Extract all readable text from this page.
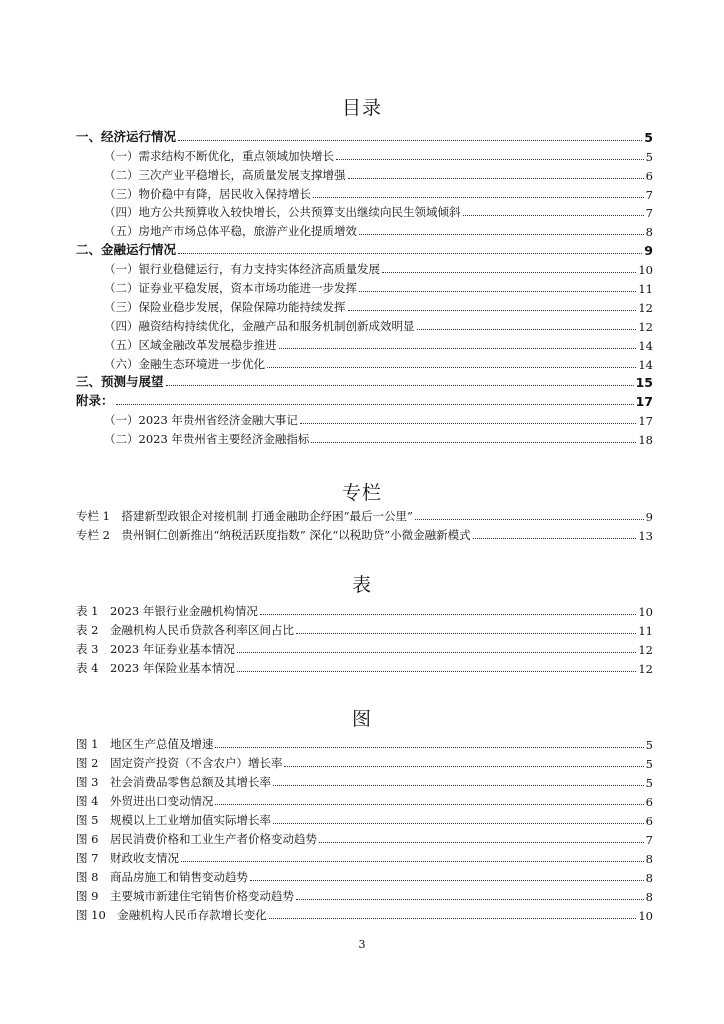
目录
一、经济运行情况	5
（一）需求结构不断优化，重点领域加快增长	5
（二）三次产业平稳增长，高质量发展支撑增强	6
（三）物价稳中有降，居民收入保持增长	7
（四）地方公共预算收入较快增长，公共预算支出继续向民生领域倾斜	7
（五）房地产市场总体平稳，旅游产业化提质增效	8
二、金融运行情况	9
（一）银行业稳健运行，有力支持实体经济高质量发展	10
（二）证券业平稳发展，资本市场功能进一步发挥	11
（三）保险业稳步发展，保险保障功能持续发挥	12
（四）融资结构持续优化，金融产品和服务机制创新成效明显	12
（五）区域金融改革发展稳步推进	14
（六）金融生态环境进一步优化	14
三、预测与展望	15
附录：	17
（一）2023 年贵州省经济金融大事记	17
（二）2023 年贵州省主要经济金融指标	18
专栏
专栏 1　搭建新型政银企对接机制 打通金融助企纾困“最后一公里”	9
专栏 2　贵州铜仁创新推出“纳税活跃度指数” 深化“以税助贷”小微金融新模式	13
表
表 1　2023 年银行业金融机构情况	10
表 2　金融机构人民币贷款各利率区间占比	11
表 3　2023 年证券业基本情况	12
表 4　2023 年保险业基本情况	12
图
图 1　地区生产总值及增速	5
图 2　固定资产投资（不含农户）增长率	5
图 3　社会消费品零售总额及其增长率	5
图 4　外贸进出口变动情况	6
图 5　规模以上工业增加值实际增长率	6
图 6　居民消费价格和工业生产者价格变动趋势	7
图 7　财政收支情况	8
图 8　商品房施工和销售变动趋势	8
图 9　主要城市新建住宅销售价格变动趋势	8
图 10　金融机构人民币存款增长变化	10
3
